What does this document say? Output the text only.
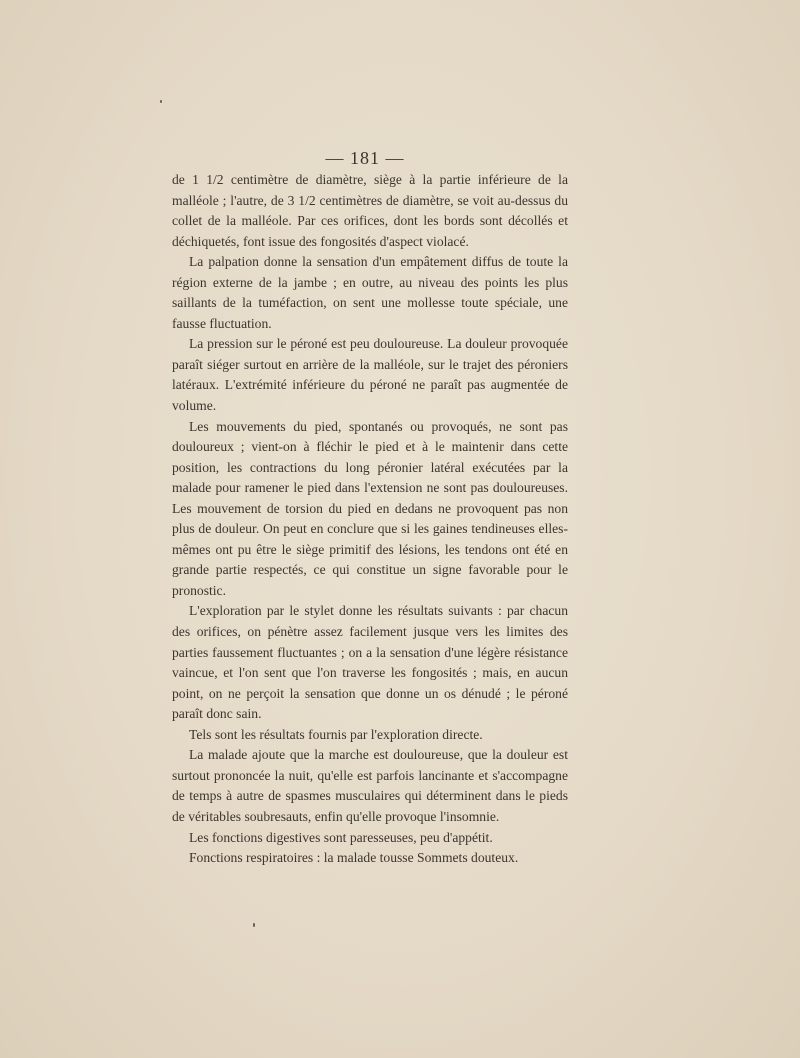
— 181 —

de 1 1/2 centimètre de diamètre, siège à la partie inférieure de la malléole ; l'autre, de 3 1/2 centimètres de diamètre, se voit au-dessus du collet de la malléole. Par ces orifices, dont les bords sont décollés et déchiquetés, font issue des fongosités d'aspect violacé.

La palpation donne la sensation d'un empâtement diffus de toute la région externe de la jambe ; en outre, au niveau des points les plus saillants de la tuméfaction, on sent une mollesse toute spéciale, une fausse fluctuation.

La pression sur le péroné est peu douloureuse. La douleur provoquée paraît siéger surtout en arrière de la malléole, sur le trajet des péroniers latéraux. L'extrémité inférieure du péroné ne paraît pas augmentée de volume.

Les mouvements du pied, spontanés ou provoqués, ne sont pas douloureux ; vient-on à fléchir le pied et à le maintenir dans cette position, les contractions du long péronier latéral exécutées par la malade pour ramener le pied dans l'extension ne sont pas douloureuses. Les mouvement de torsion du pied en dedans ne provoquent pas non plus de douleur. On peut en conclure que si les gaines tendineuses elles-mêmes ont pu être le siège primitif des lésions, les tendons ont été en grande partie respectés, ce qui constitue un signe favorable pour le pronostic.

L'exploration par le stylet donne les résultats suivants : par chacun des orifices, on pénètre assez facilement jusque vers les limites des parties faussement fluctuantes ; on a la sensation d'une légère résistance vaincue, et l'on sent que l'on traverse les fongosités ; mais, en aucun point, on ne perçoit la sensation que donne un os dénudé ; le péroné paraît donc sain.

Tels sont les résultats fournis par l'exploration directe.

La malade ajoute que la marche est douloureuse, que la douleur est surtout prononcée la nuit, qu'elle est parfois lancinante et s'accompagne de temps à autre de spasmes musculaires qui déterminent dans le pieds de véritables soubresauts, enfin qu'elle provoque l'insomnie.

Les fonctions digestives sont paresseuses, peu d'appétit.

Fonctions respiratoires : la malade tousse Sommets douteux.
